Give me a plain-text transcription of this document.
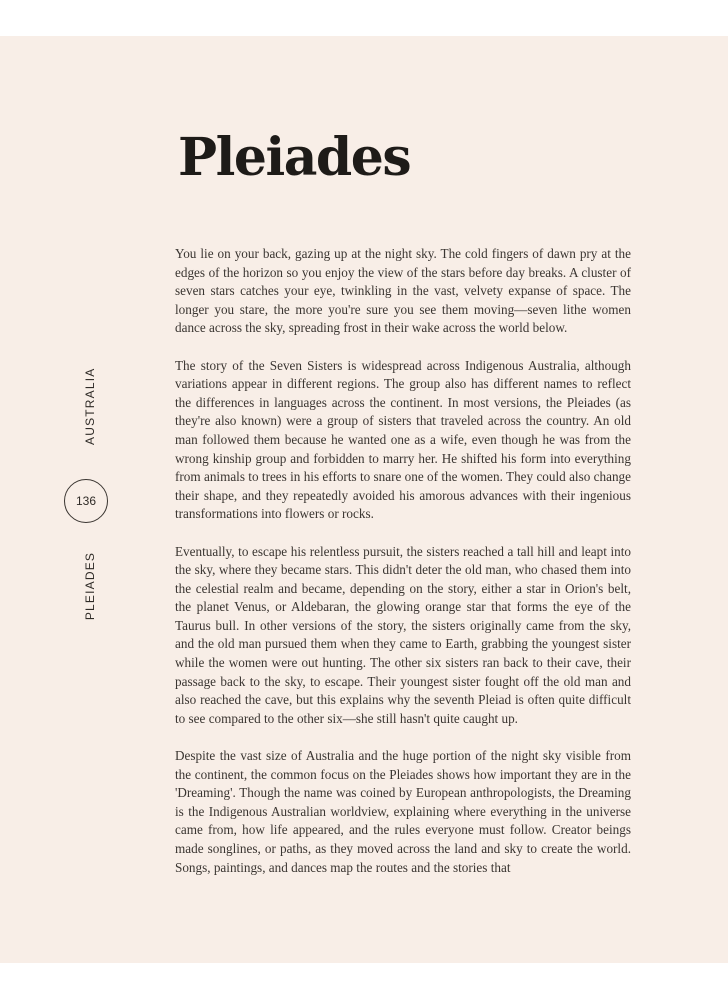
Pleiades
AUSTRALIA
136
PLEIADES

You lie on your back, gazing up at the night sky. The cold fingers of dawn pry at the edges of the horizon so you enjoy the view of the stars before day breaks. A cluster of seven stars catches your eye, twinkling in the vast, velvety expanse of space. The longer you stare, the more you're sure you see them moving—seven lithe women dance across the sky, spreading frost in their wake across the world below.

The story of the Seven Sisters is widespread across Indigenous Australia, although variations appear in different regions. The group also has different names to reflect the differences in languages across the continent. In most versions, the Pleiades (as they're also known) were a group of sisters that traveled across the country. An old man followed them because he wanted one as a wife, even though he was from the wrong kinship group and forbidden to marry her. He shifted his form into everything from animals to trees in his efforts to snare one of the women. They could also change their shape, and they repeatedly avoided his amorous advances with their ingenious transformations into flowers or rocks.

Eventually, to escape his relentless pursuit, the sisters reached a tall hill and leapt into the sky, where they became stars. This didn't deter the old man, who chased them into the celestial realm and became, depending on the story, either a star in Orion's belt, the planet Venus, or Aldebaran, the glowing orange star that forms the eye of the Taurus bull. In other versions of the story, the sisters originally came from the sky, and the old man pursued them when they came to Earth, grabbing the youngest sister while the women were out hunting. The other six sisters ran back to their cave, their passage back to the sky, to escape. Their youngest sister fought off the old man and also reached the cave, but this explains why the seventh Pleiad is often quite difficult to see compared to the other six—she still hasn't quite caught up.

Despite the vast size of Australia and the huge portion of the night sky visible from the continent, the common focus on the Pleiades shows how important they are in the 'Dreaming'. Though the name was coined by European anthropologists, the Dreaming is the Indigenous Australian worldview, explaining where everything in the universe came from, how life appeared, and the rules everyone must follow. Creator beings made songlines, or paths, as they moved across the land and sky to create the world. Songs, paintings, and dances map the routes and the stories that
